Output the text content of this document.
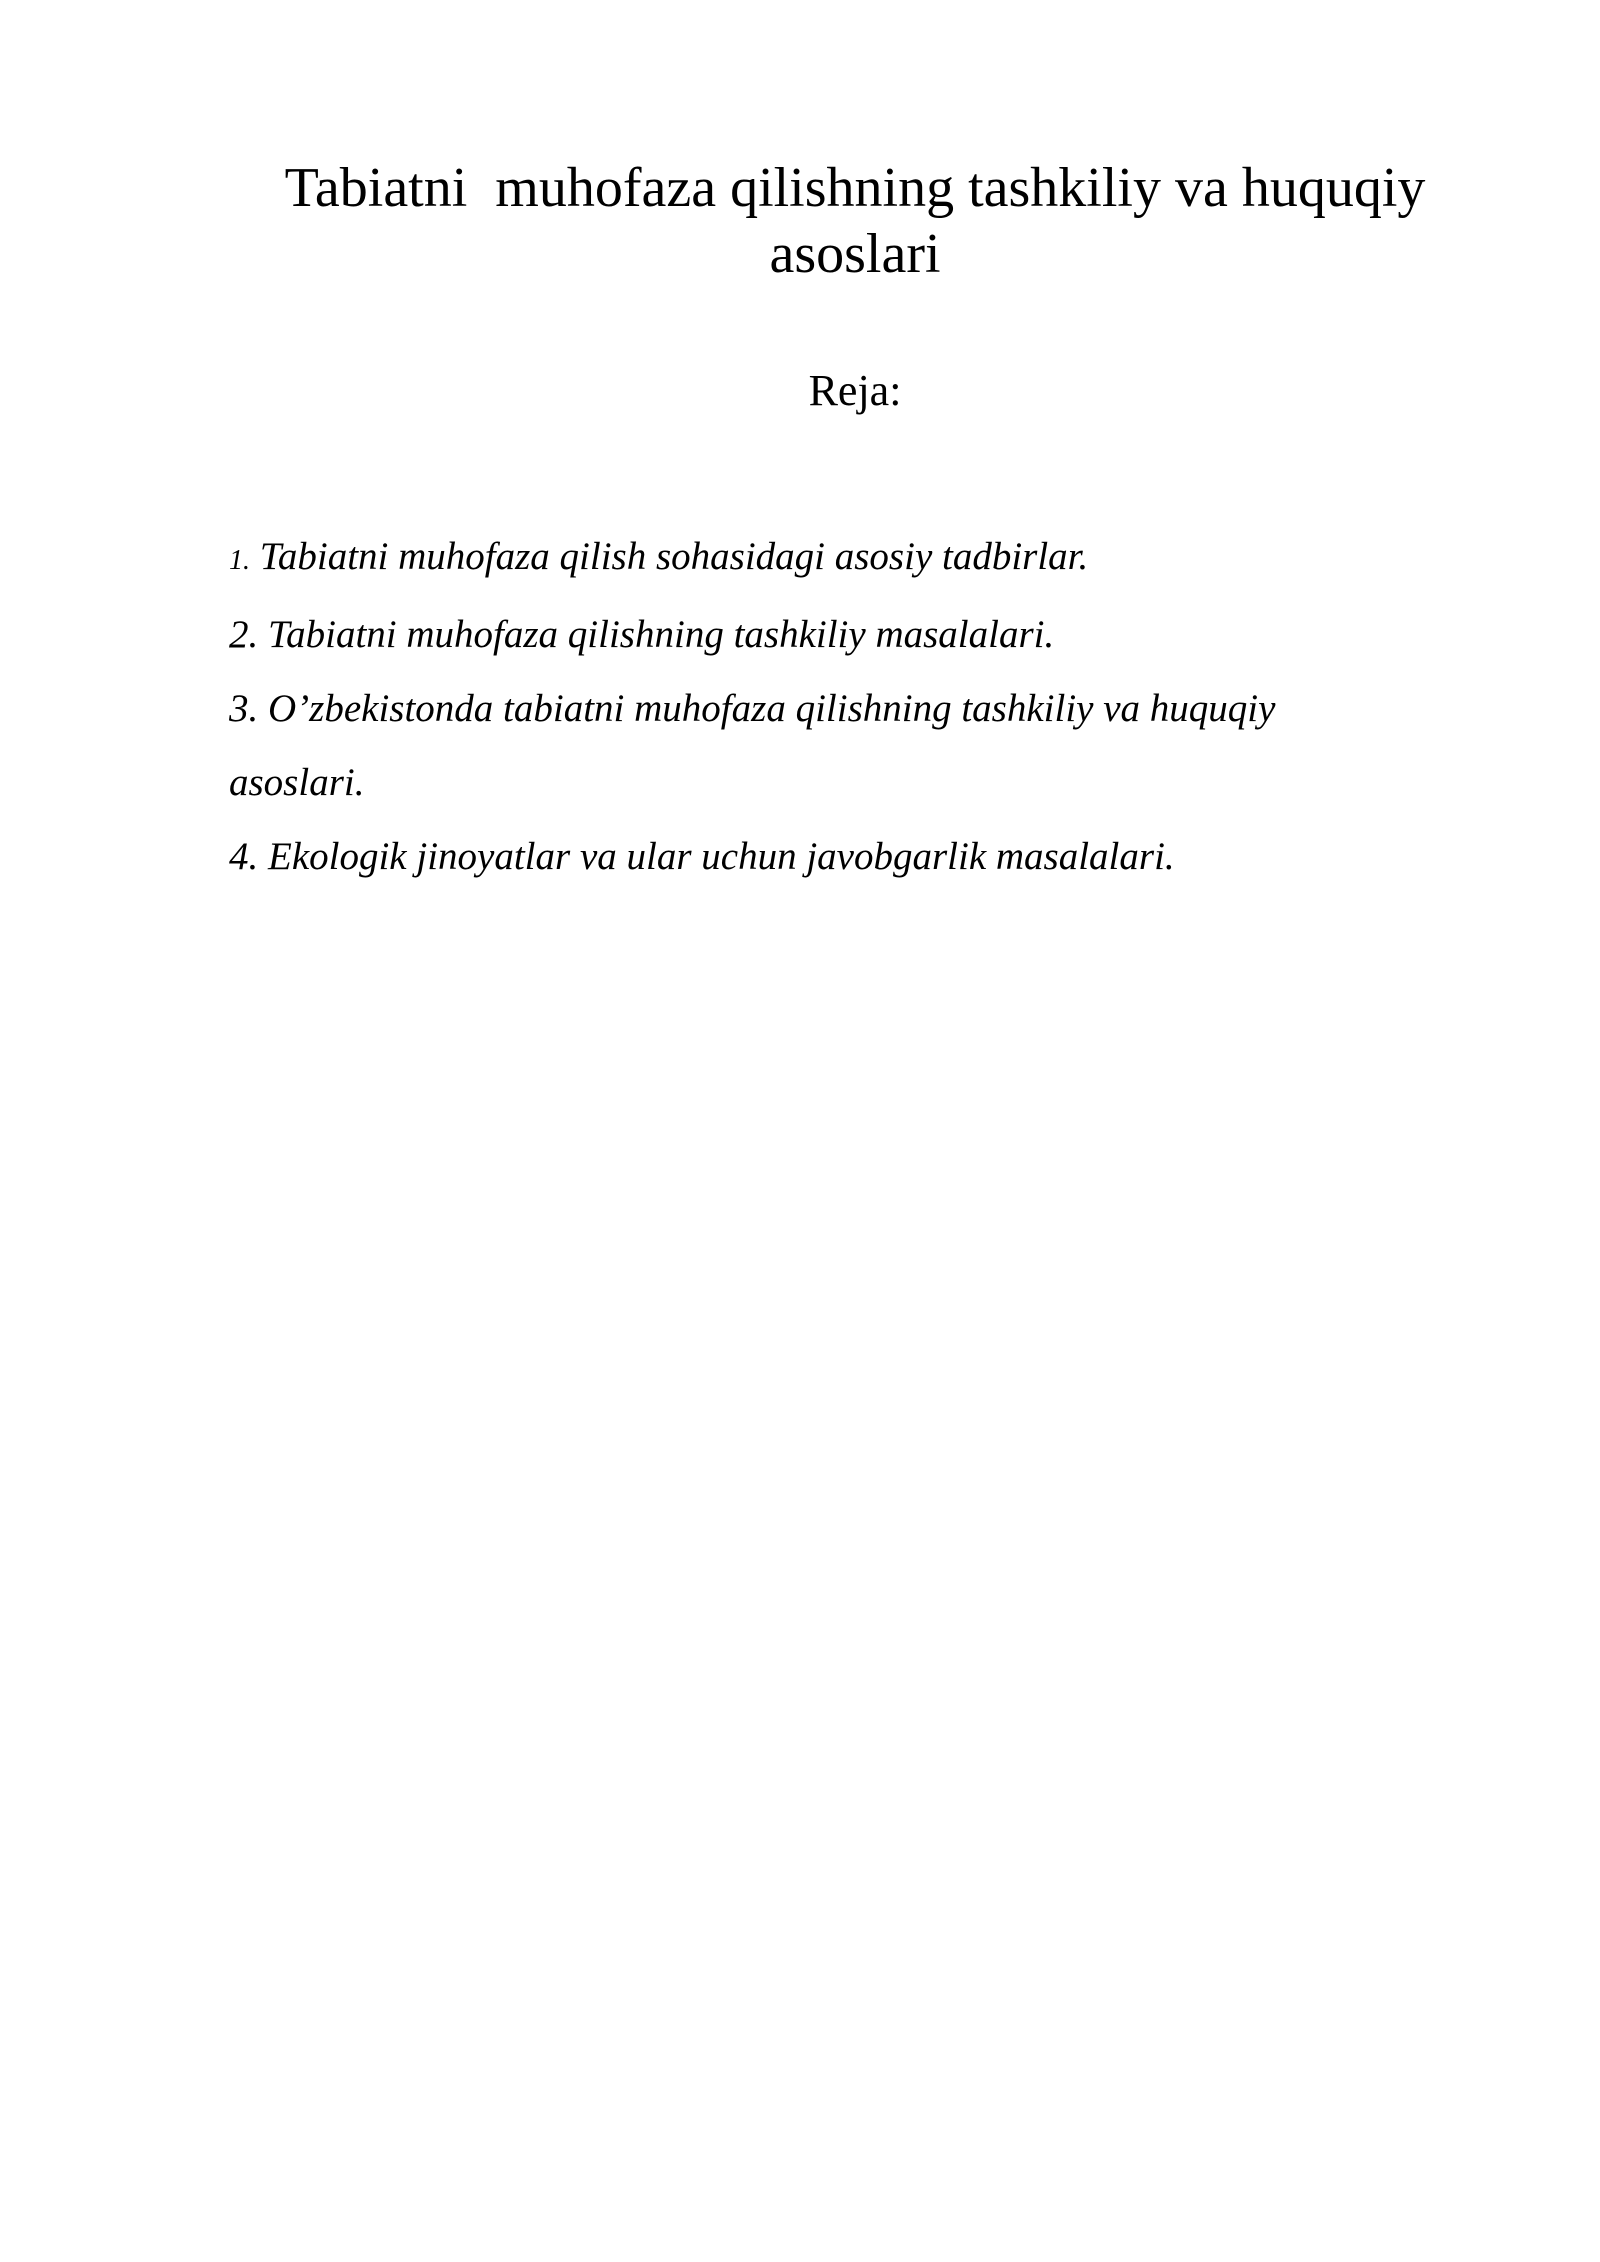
Tabiatni  muhofaza qilishning tashkiliy va huquqiy
asoslari

Reja:

1. Tabiatni muhofaza qilish sohasidagi asosiy tadbirlar.
2. Tabiatni muhofaza qilishning tashkiliy masalalari.
3. O’zbekistonda tabiatni muhofaza qilishning tashkiliy va huquqiy
asoslari.
4. Ekologik jinoyatlar va ular uchun javobgarlik masalalari.
